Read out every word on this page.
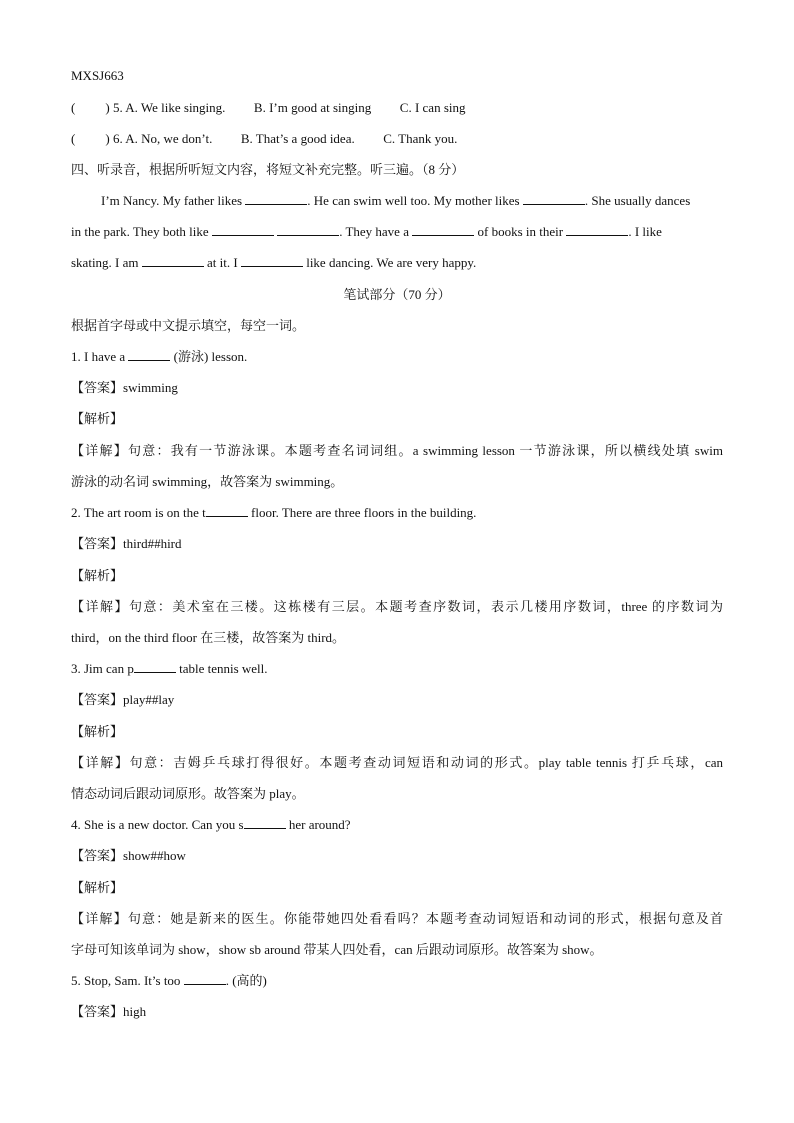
MXSJ663
( ) 5. A. We like singing. B. I’m good at singing C. I can sing
( ) 6. A. No, we don’t. B. That’s a good idea. C. Thank you.
四、听录音，根据所听短文内容，将短文补充完整。听三遍。（8 分）
I’m Nancy. My father likes	. He can swim well too. My mother likes	. She usually dances
in the park. They both like	. They have a	of books in their	. I like
skating. I am	at it. I	like dancing. We are very happy.
笔试部分（70 分）
根据首字母或中文提示填空，每空一词。
1. I have a	(游泳) lesson.
【答案】swimming
【解析】
【详解】句意：我有一节游泳课。本题考查名词词组。a swimming lesson 一节游泳课，所以横线处填 swim
游泳的动名词 swimming，故答案为 swimming。
2. The art room is on the t	floor. There are three floors in the building.
【答案】third##hird
【解析】
【详解】句意：美术室在三楼。这栋楼有三层。本题考查序数词，表示几楼用序数词，three 的序数词为
third，on the third floor 在三楼，故答案为 third。
3. Jim can p	table tennis well.
【答案】play##lay
【解析】
【详解】句意：吉姆乒乓球打得很好。本题考查动词短语和动词的形式。play table tennis 打乒乓球，can
情态动词后跟动词原形。故答案为 play。
4. She is a new doctor. Can you s	her around?
【答案】show##how
【解析】
【详解】句意：她是新来的医生。你能带她四处看看吗？本题考查动词短语和动词的形式，根据句意及首
字母可知该单词为 show，show sb around 带某人四处看，can 后跟动词原形。故答案为 show。
5. Stop, Sam. It’s too	. (高的)
【答案】high
